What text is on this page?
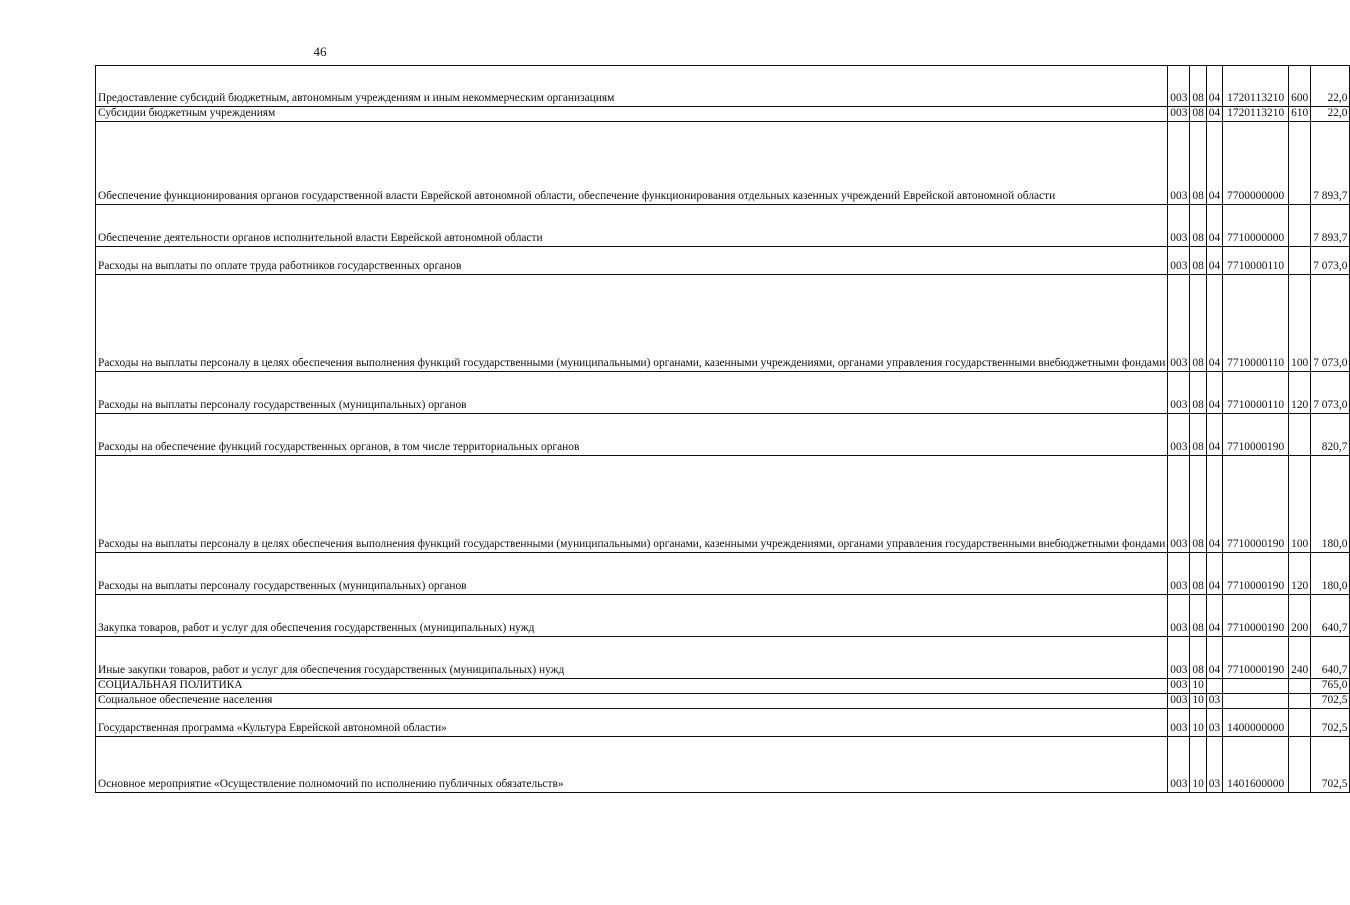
46
Предоставление субсидий бюджетным, автономным учреждениям и иным некоммерческим организациям	003	08	04	17 2 01 13210	600	22,0
Субсидии бюджетным учреждениям	003	08	04	17 2 01 13210	610	22,0
Обеспечение функционирования органов государственной власти Еврейской автономной области, обеспечение функционирования отдельных казенных учреждений Еврейской автономной области	003	08	04	77 0 00 00000		7 893,7
Обеспечение деятельности органов исполнительной власти Еврейской автономной области	003	08	04	77 1 00 00000		7 893,7
Расходы на выплаты по оплате труда работников государственных органов	003	08	04	77 1 00 00110		7 073,0
Расходы на выплаты персоналу в целях обеспечения выполнения функций государственными (муниципальными) органами, казенными учреждениями, органами управления государственными внебюджетными фондами	003	08	04	77 1 00 00110	100	7 073,0
Расходы на выплаты персоналу государственных (муниципальных) органов	003	08	04	77 1 00 00110	120	7 073,0
Расходы на обеспечение функций государственных органов, в том числе территориальных органов	003	08	04	77 1 00 00190		820,7
Расходы на выплаты персоналу в целях обеспечения выполнения функций государственными (муниципальными) органами, казенными учреждениями, органами управления государственными внебюджетными фондами	003	08	04	77 1 00 00190	100	180,0
Расходы на выплаты персоналу государственных (муниципальных) органов	003	08	04	77 1 00 00190	120	180,0
Закупка товаров, работ и услуг для обеспечения государственных (муниципальных) нужд	003	08	04	77 1 00 00190	200	640,7
Иные закупки товаров, работ и услуг для обеспечения государственных (муниципальных) нужд	003	08	04	77 1 00 00190	240	640,7
СОЦИАЛЬНАЯ ПОЛИТИКА	003	10				765,0
Социальное обеспечение населения	003	10	03			702,5
Государственная программа «Культура Еврейской автономной области»	003	10	03	14 0 00 00000		702,5
Основное мероприятие «Осуществление полномочий по исполнению публичных обязательств»	003	10	03	14 0 16 00000		702,5
